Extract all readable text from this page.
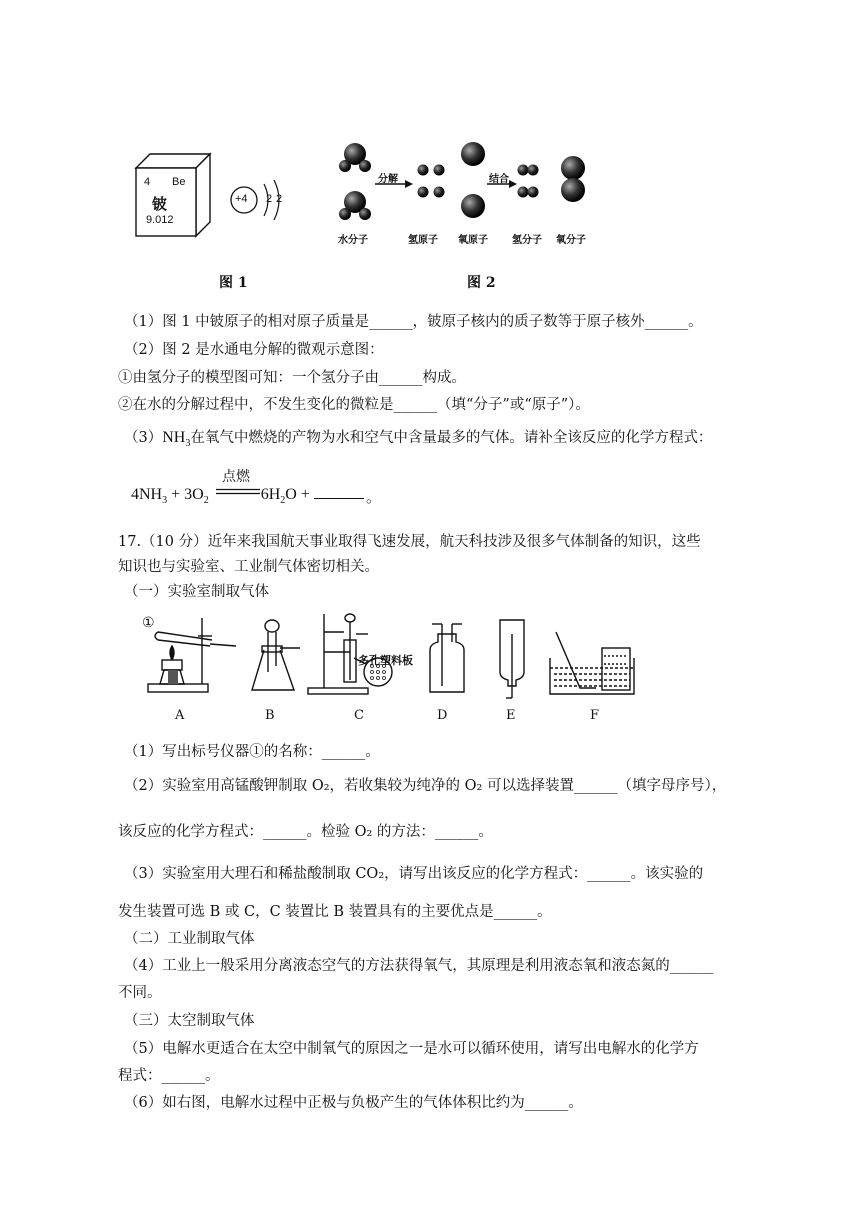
4 Be
铍
9.012
+4 2 2
图 1
分解	结合
水分子	氢原子 氧原子 氢分子 氧分子
图 2
（1）图 1 中铍原子的相对原子质量是______，铍原子核内的质子数等于原子核外______。
（2）图 2 是水通电分解的微观示意图：
①由氢分子的模型图可知：一个氢分子由______构成。
②在水的分解过程中，不发生变化的微粒是______（填“分子”或“原子”）。
$(3)NH_3$在氧气中燃烧的产物为水和空气中含量最多的气体。请补全该反应的化学方程式：
$4NH_3 + 3O_2$	$6H_2O$ +
点燃
。
17.（10 分）近年来我国航天事业取得飞速发展，航天科技涉及很多气体制备的知识，这些
知识也与实验室、工业制气体密切相关。
（一）实验室制取气体
①
多孔塑料板
A	B	C	D	E	F
（1）写出标号仪器①的名称：______。
（2）实验室用高锰酸钾制取 O₂，若收集较为纯净的 O₂ 可以选择装置______（填字母序号），
该反应的化学方程式：______。检验 O₂ 的方法：______。
（3）实验室用大理石和稀盐酸制取 CO₂，请写出该反应的化学方程式：______。该实验的
发生装置可选 B 或 C，C 装置比 B 装置具有的主要优点是______。
（二）工业制取气体
（4）工业上一般采用分离液态空气的方法获得氧气，其原理是利用液态氧和液态氮的______
不同。
（三）太空制取气体
（5）电解水更适合在太空中制氧气的原因之一是水可以循环使用，请写出电解水的化学方
程式：______。
（6）如右图，电解水过程中正极与负极产生的气体体积比约为______。
